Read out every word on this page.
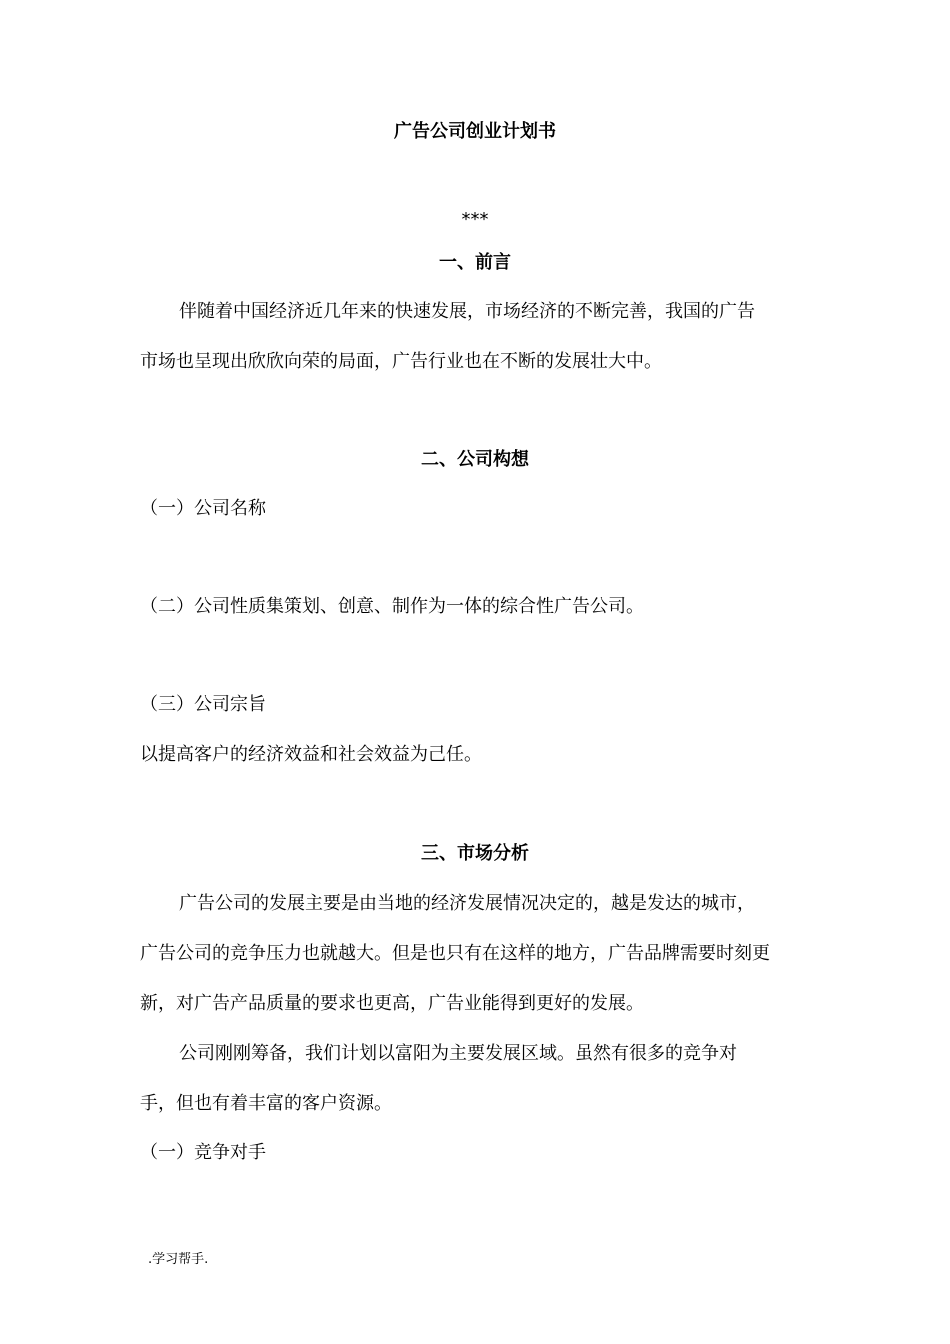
广告公司创业计划书
***
一、前言
伴随着中国经济近几年来的快速发展，市场经济的不断完善，我国的广告
市场也呈现出欣欣向荣的局面，广告行业也在不断的发展壮大中。
二、公司构想
（一）公司名称
（二）公司性质集策划、创意、制作为一体的综合性广告公司。
（三）公司宗旨
以提高客户的经济效益和社会效益为己任。
三、市场分析
广告公司的发展主要是由当地的经济发展情况决定的，越是发达的城市，
广告公司的竞争压力也就越大。但是也只有在这样的地方，广告品牌需要时刻更
新，对广告产品质量的要求也更高，广告业能得到更好的发展。
公司刚刚筹备，我们计划以富阳为主要发展区域。虽然有很多的竞争对
手，但也有着丰富的客户资源。
（一）竞争对手
.学习帮手.
